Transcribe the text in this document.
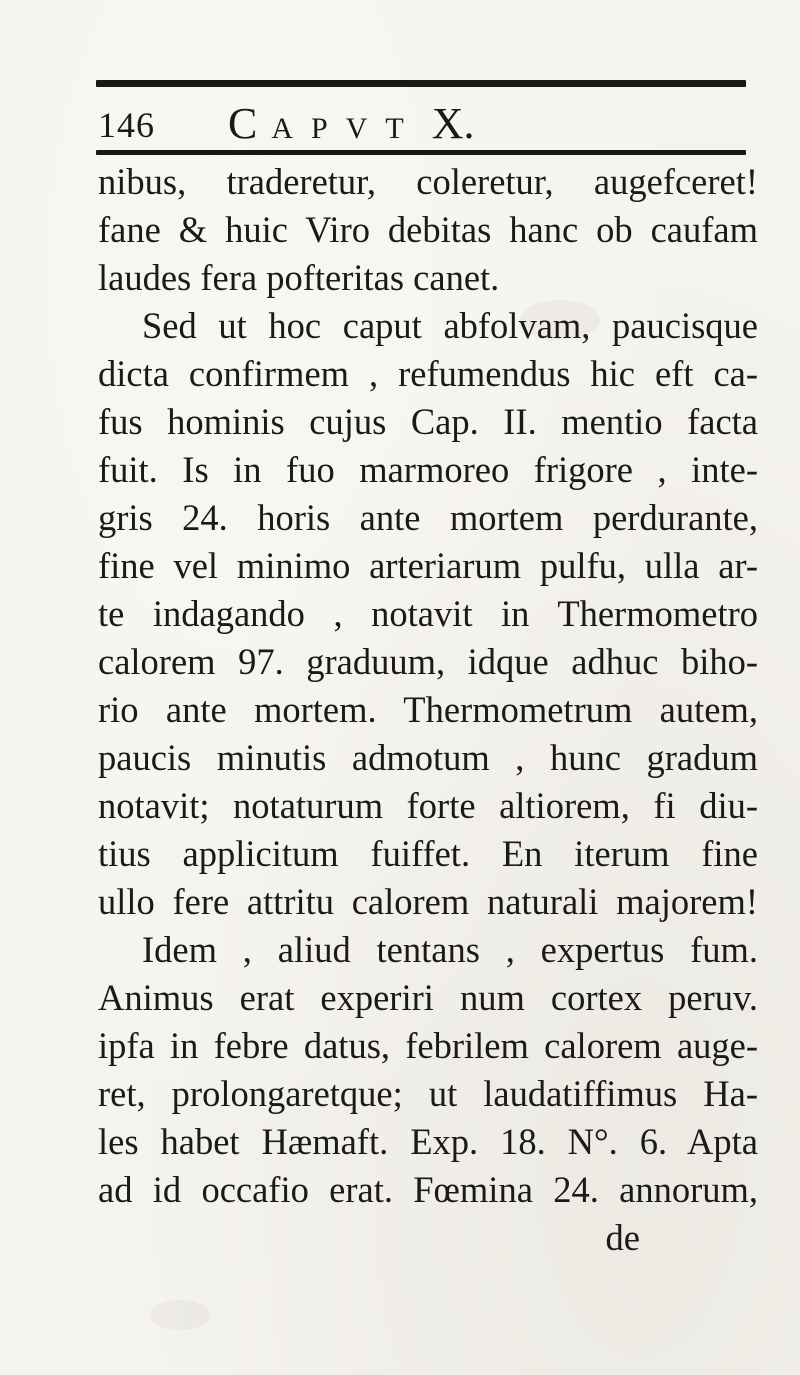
146 C APVT X.
nibus, traderetur, coleretur, augefceret!
fane & huic Viro debitas hanc ob caufam
laudes fera pofteritas canet.
Sed ut hoc caput abfolvam, paucisque
dicta confirmem , refumendus hic eft ca-
fus hominis cujus Cap. II. mentio facta
fuit. Is in fuo marmoreo frigore , inte-
gris 24. horis ante mortem perdurante,
fine vel minimo arteriarum pulfu, ulla ar-
te indagando , notavit in Thermometro
calorem 97. graduum, idque adhuc biho-
rio ante mortem. Thermometrum autem,
paucis minutis admotum , hunc gradum
notavit; notaturum forte altiorem, fi diu-
tius applicitum fuiffet. En iterum fine
ullo fere attritu calorem naturali majorem!
Idem , aliud tentans , expertus fum.
Animus erat experiri num cortex peruv.
ipfa in febre datus, febrilem calorem auge-
ret, prolongaretque; ut laudatiffimus Ha-
les habet Hæmaft. Exp. 18. N°. 6. Apta
ad id occafio erat. Fœmina 24. annorum,
de
